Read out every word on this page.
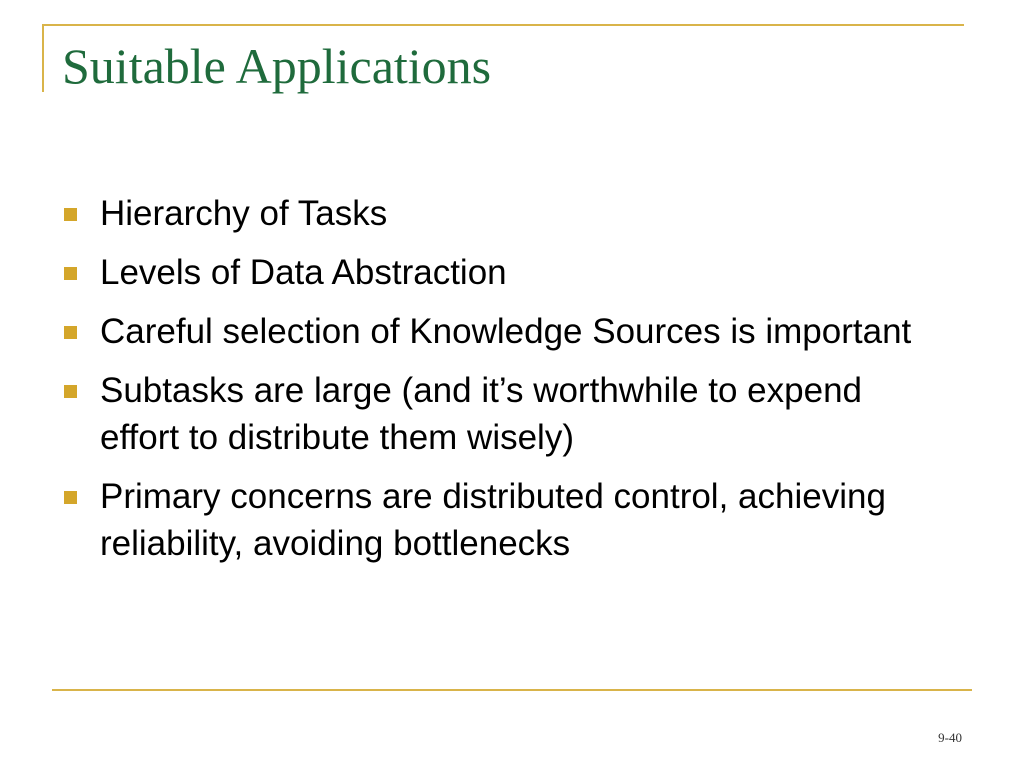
Suitable Applications
Hierarchy of Tasks
Levels of Data Abstraction
Careful selection of Knowledge Sources is important
Subtasks are large (and it’s worthwhile to expend effort to distribute them wisely)
Primary concerns are distributed control, achieving reliability, avoiding bottlenecks
9-40
